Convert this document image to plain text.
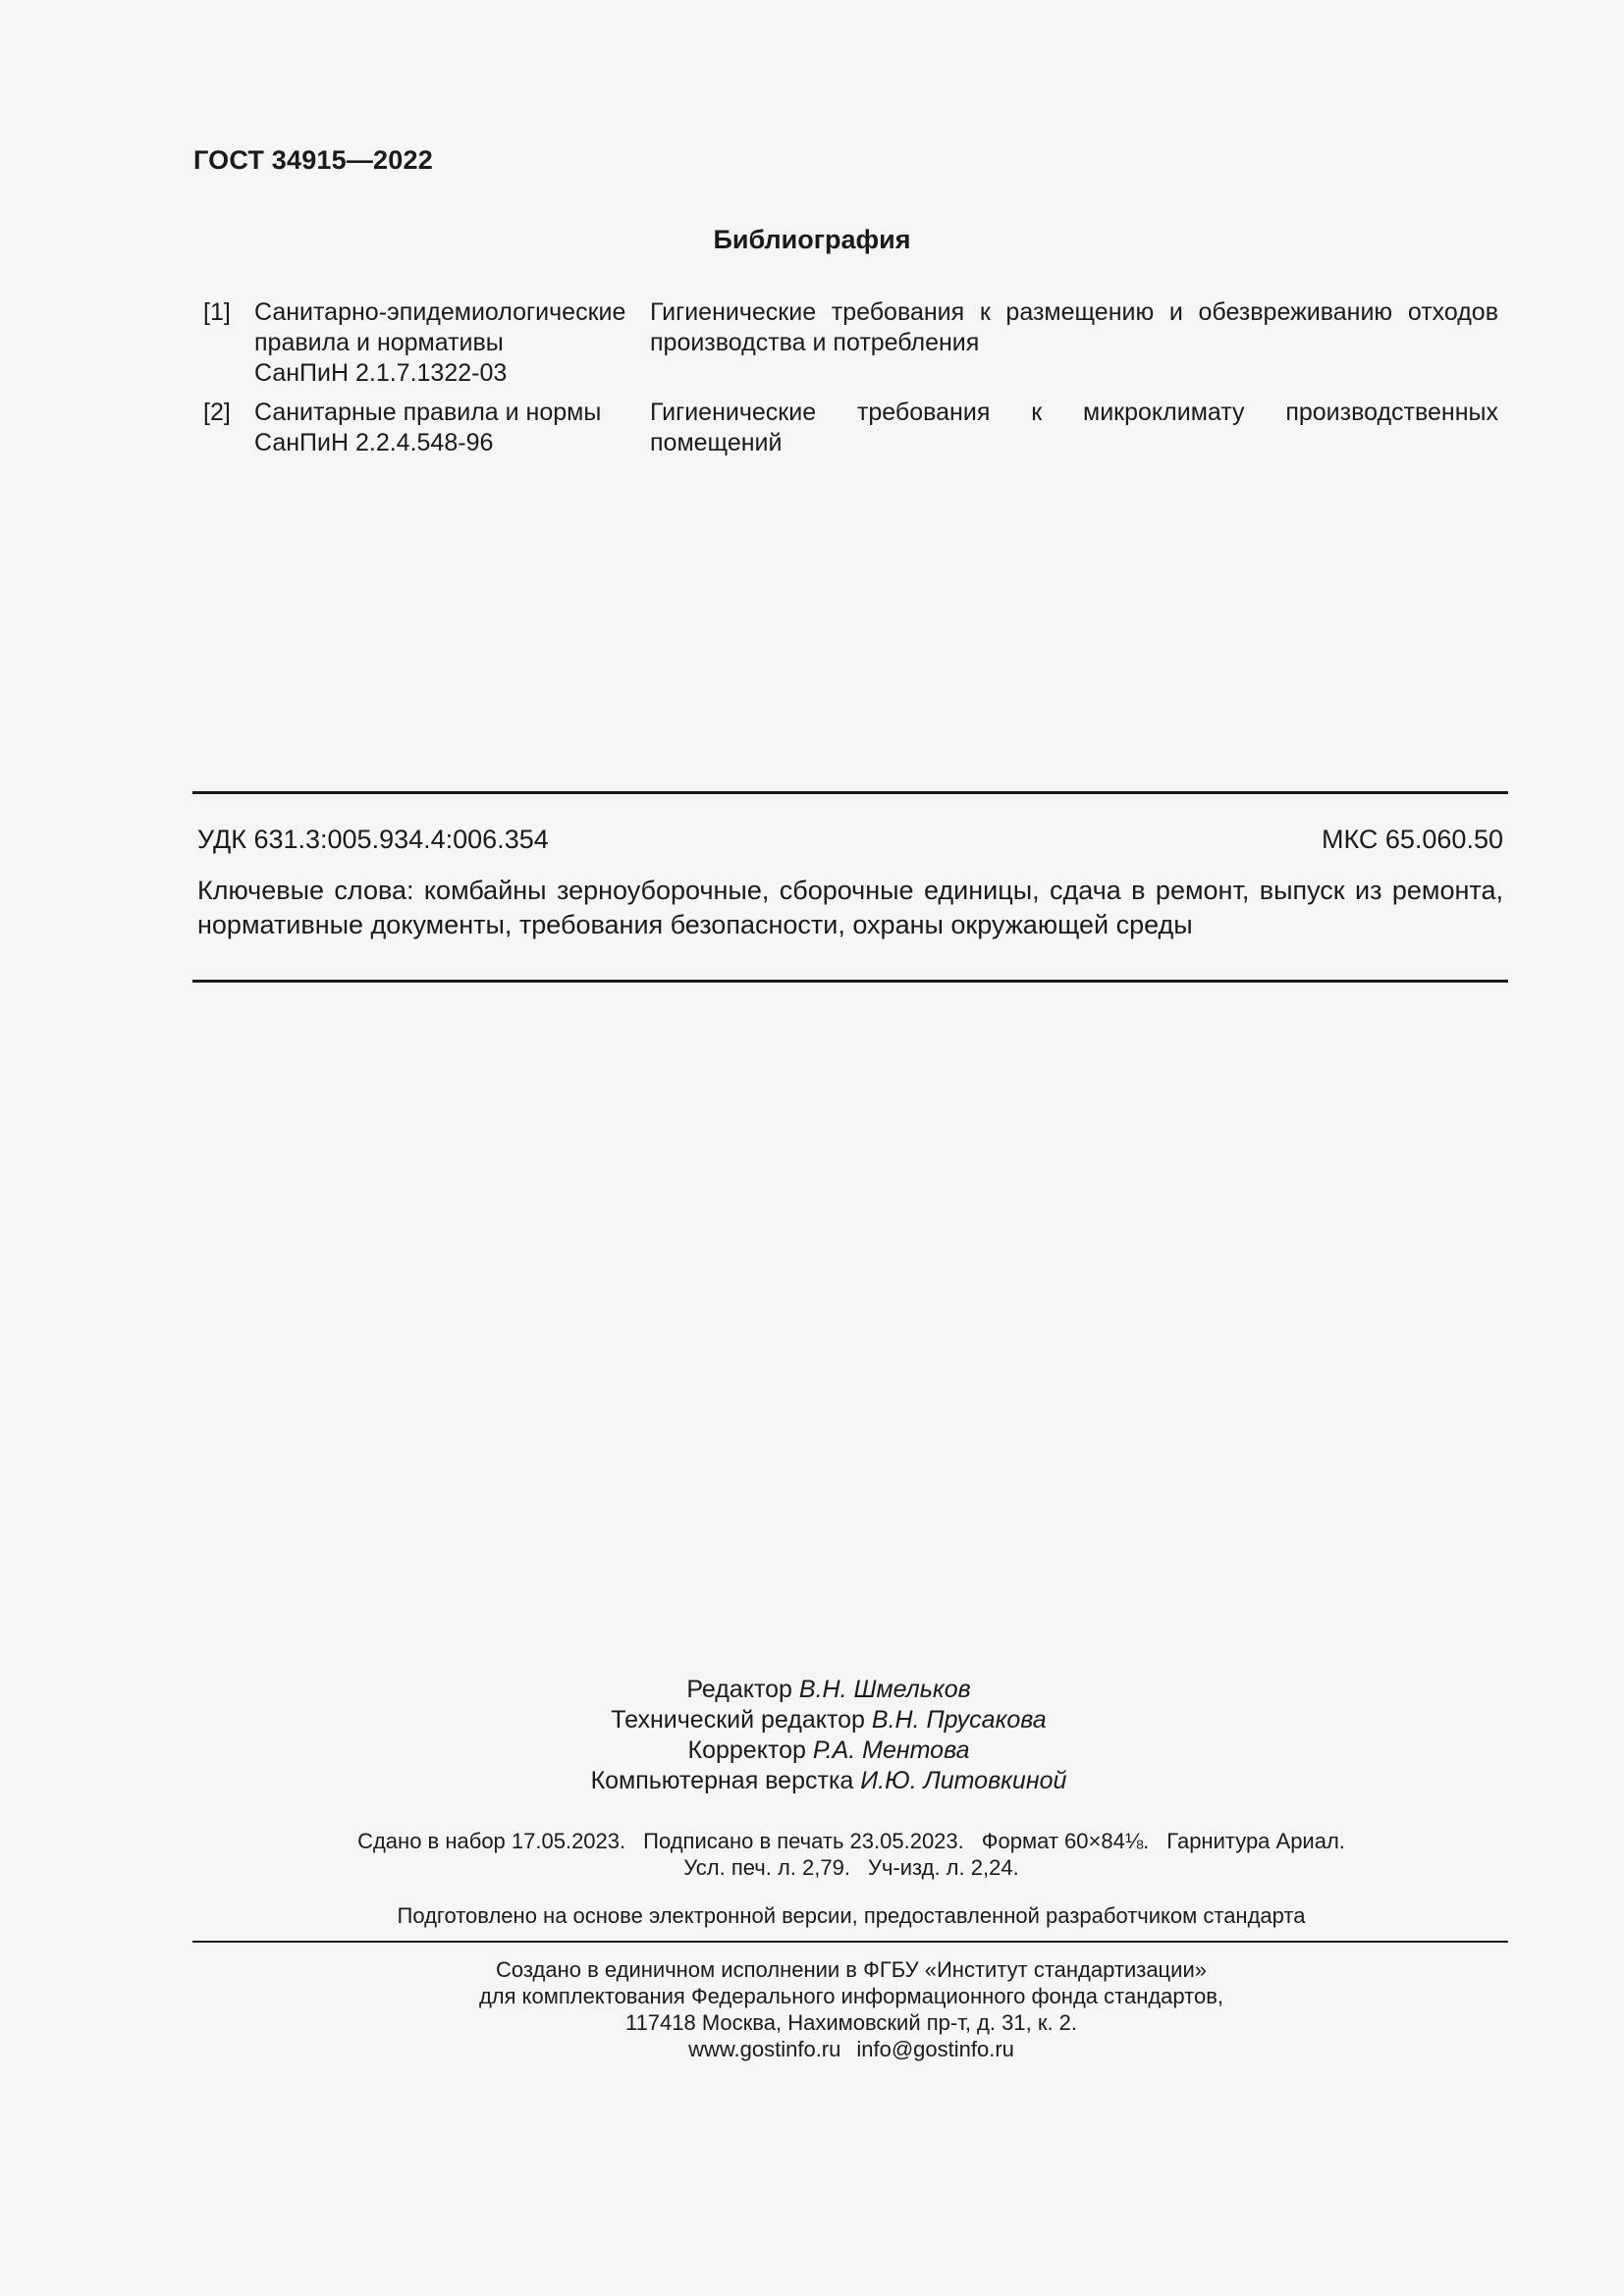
ГОСТ 34915—2022
Библиография
[1] Санитарно-эпидемиологические
правила и нормативы
СанПиН 2.1.7.1322-03
Гигиенические требования к размещению и обезвреживанию отходов производства и потребления
[2] Санитарные правила и нормы
СанПиН 2.2.4.548-96
Гигиенические требования к микроклимату производственных помещений
УДК 631.3:005.934.4:006.354	МКС 65.060.50
Ключевые слова: комбайны зерноуборочные, сборочные единицы, сдача в ремонт, выпуск из ремонта, нормативные документы, требования безопасности, охраны окружающей среды
Редактор В.Н. Шмельков
Технический редактор В.Н. Прусакова
Корректор Р.А. Ментова
Компьютерная верстка И.Ю. Литовкиной
Сдано в набор 17.05.2023. Подписано в печать 23.05.2023. Формат 60×84⅛. Гарнитура Ариал.
Усл. печ. л. 2,79. Уч-изд. л. 2,24.
Подготовлено на основе электронной версии, предоставленной разработчиком стандарта
Создано в единичном исполнении в ФГБУ «Институт стандартизации»
для комплектования Федерального информационного фонда стандартов,
117418 Москва, Нахимовский пр-т, д. 31, к. 2.
www.gostinfo.ru info@gostinfo.ru
